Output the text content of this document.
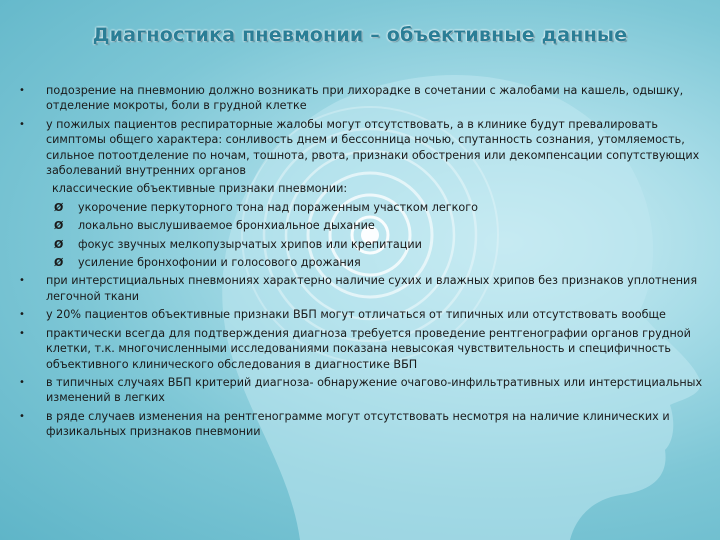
Диагностика пневмонии – объективные данные
• подозрение на пневмонию должно возникать при лихорадке в сочетании с жалобами на кашель, одышку, отделение мокроты, боли в грудной клетке
• у пожилых пациентов респираторные жалобы могут отсутствовать, а в клинике будут превалировать симптомы общего характера: сонливость днем и бессонница ночью, спутанность сознания, утомляемость, сильное потоотделение по ночам, тошнота, рвота, признаки обострения или декомпенсации сопутствующих заболеваний внутренних органов
классические объективные признаки пневмонии:
Ø укорочение перкуторного тона над пораженным участком легкого
Ø локально выслушиваемое бронхиальное дыхание
Ø фокус звучных мелкопузырчатых хрипов или крепитации
Ø усиление бронхофонии и голосового дрожания
• при интерстициальных пневмониях характерно наличие сухих и влажных хрипов без признаков уплотнения легочной ткани
• у 20% пациентов объективные признаки ВБП могут отличаться от типичных или отсутствовать вообще
• практически всегда для подтверждения диагноза требуется проведение рентгенографии органов грудной клетки, т.к. многочисленными исследованиями показана невысокая чувствительность и специфичность объективного клинического обследования в диагностике ВБП
• в типичных случаях ВБП критерий диагноза- обнаружение очагово-инфильтративных или интерстициальных изменений в легких
• в ряде случаев изменения на рентгенограмме могут отсутствовать несмотря на наличие клинических и физикальных признаков пневмонии
